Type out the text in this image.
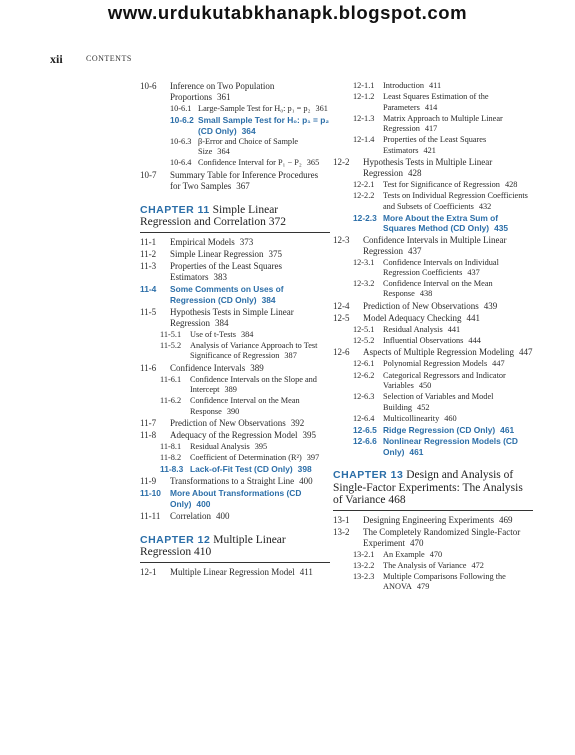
www.urdukutabkhanapk.blogspot.com
xii	CONTENTS
10-6	Inference on Two Population Proportions 361
10-6.1 Large-Sample Test for H₀: p₁ = p₂ 361
10-6.2 Small Sample Test for H₀: p₁ = p₂ (CD Only) 364
10-6.3 β-Error and Choice of Sample Size 364
10-6.4 Confidence Interval for P₁ − P₂ 365
10-7	Summary Table for Inference Procedures for Two Samples 367
CHAPTER 11 Simple Linear Regression and Correlation 372
11-1	Empirical Models 373
11-2	Simple Linear Regression 375
11-3	Properties of the Least Squares Estimators 383
11-4	Some Comments on Uses of Regression (CD Only) 384
11-5	Hypothesis Tests in Simple Linear Regression 384
11-5.1	Use of t-Tests 384
11-5.2	Analysis of Variance Approach to Test Significance of Regression 387
11-6	Confidence Intervals 389
11-6.1	Confidence Intervals on the Slope and Intercept 389
11-6.2	Confidence Interval on the Mean Response 390
11-7	Prediction of New Observations 392
11-8	Adequacy of the Regression Model 395
11-8.1	Residual Analysis 395
11-8.2	Coefficient of Determination (R²) 397
11-8.3 Lack-of-Fit Test (CD Only) 398
11-9	Transformations to a Straight Line 400
11-10	More About Transformations (CD Only) 400
11-11	Correlation 400
CHAPTER 12 Multiple Linear Regression 410
12-1	Multiple Linear Regression Model 411
12-1.1	Introduction 411
12-1.2	Least Squares Estimation of the Parameters 414
12-1.3	Matrix Approach to Multiple Linear Regression 417
12-1.4	Properties of the Least Squares Estimators 421
12-2	Hypothesis Tests in Multiple Linear Regression 428
12-2.1	Test for Significance of Regression 428
12-2.2	Tests on Individual Regression Coefficients and Subsets of Coefficients 432
12-2.3 More About the Extra Sum of Squares Method (CD Only) 435
12-3	Confidence Intervals in Multiple Linear Regression 437
12-3.1	Confidence Intervals on Individual Regression Coefficients 437
12-3.2	Confidence Interval on the Mean Response 438
12-4	Prediction of New Observations 439
12-5	Model Adequacy Checking 441
12-5.1	Residual Analysis 441
12-5.2	Influential Observations 444
12-6	Aspects of Multiple Regression Modeling 447
12-6.1	Polynomial Regression Models 447
12-6.2	Categorical Regressors and Indicator Variables 450
12-6.3	Selection of Variables and Model Building 452
12-6.4	Multicollinearity 460
12-6.5 Ridge Regression (CD Only) 461
12-6.6 Nonlinear Regression Models (CD Only) 461
CHAPTER 13 Design and Analysis of Single-Factor Experiments: The Analysis of Variance 468
13-1	Designing Engineering Experiments 469
13-2	The Completely Randomized Single-Factor Experiment 470
13-2.1	An Example 470
13-2.2	The Analysis of Variance 472
13-2.3	Multiple Comparisons Following the ANOVA 479
